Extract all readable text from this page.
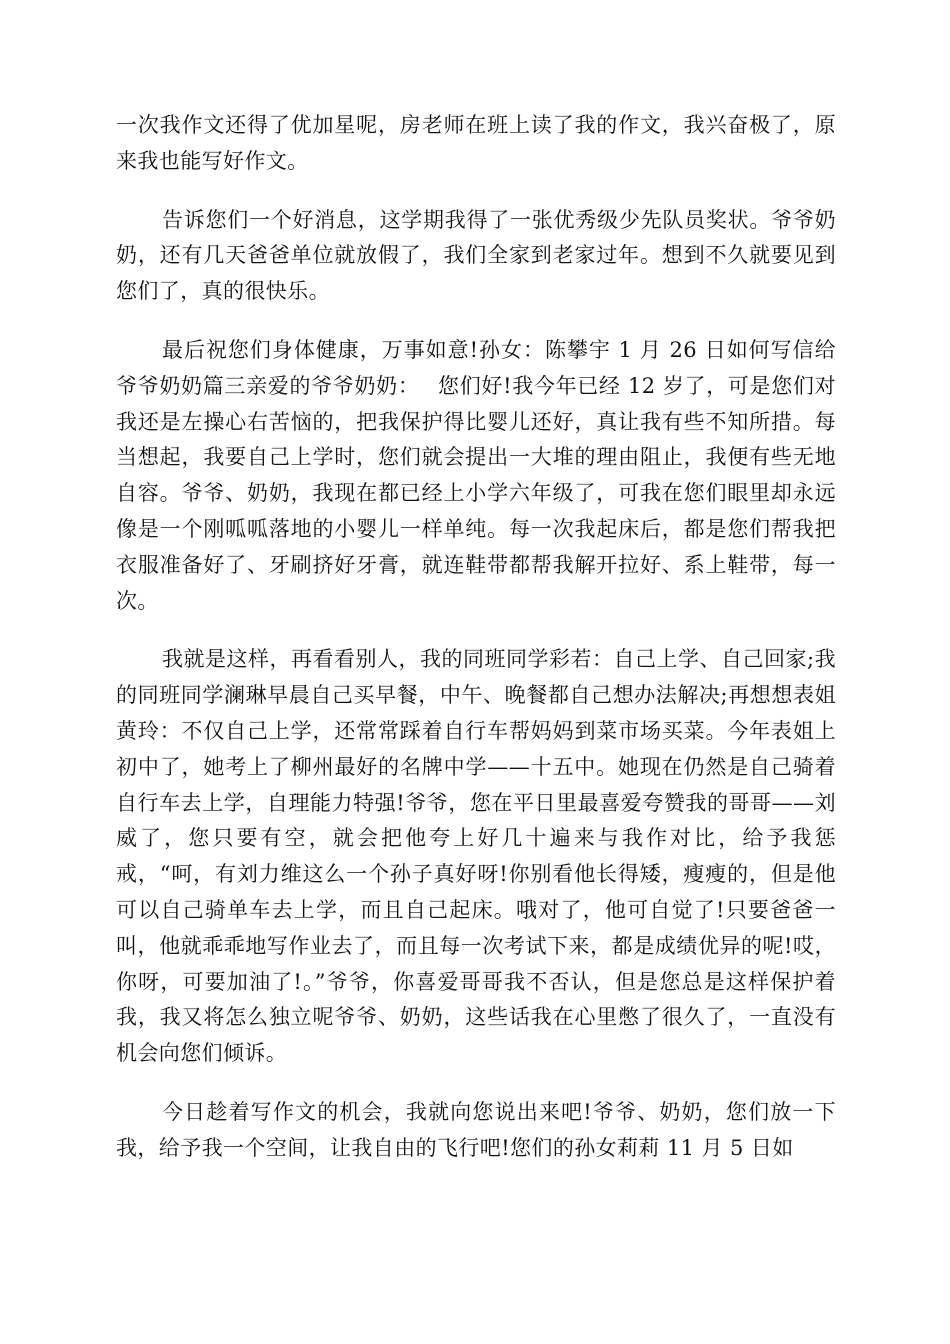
一次我作文还得了优加星呢，房老师在班上读了我的作文，我兴奋极了，原来我也能写好作文。

告诉您们一个好消息，这学期我得了一张优秀级少先队员奖状。爷爷奶奶，还有几天爸爸单位就放假了，我们全家到老家过年。想到不久就要见到您们了，真的很快乐。

最后祝您们身体健康，万事如意!孙女：陈攀宇 1 月 26 日如何写信给爷爷奶奶篇三亲爱的爷爷奶奶：　 您们好!我今年已经 12 岁了，可是您们对我还是左操心右苦恼的，把我保护得比婴儿还好，真让我有些不知所措。每当想起，我要自己上学时，您们就会提出一大堆的理由阻止，我便有些无地自容。爷爷、奶奶，我现在都已经上小学六年级了，可我在您们眼里却永远像是一个刚呱呱落地的小婴儿一样单纯。每一次我起床后，都是您们帮我把衣服准备好了、牙刷挤好牙膏，就连鞋带都帮我解开拉好、系上鞋带，每一次。

我就是这样，再看看别人，我的同班同学彩若：自己上学、自己回家;我的同班同学澜琳早晨自己买早餐，中午、晚餐都自己想办法解决;再想想表姐黄玲：不仅自己上学，还常常踩着自行车帮妈妈到菜市场买菜。今年表姐上初中了，她考上了柳州最好的名牌中学——十五中。她现在仍然是自己骑着自行车去上学，自理能力特强!爷爷，您在平日里最喜爱夸赞我的哥哥——刘威了，您只要有空，就会把他夸上好几十遍来与我作对比，给予我惩戒，“呵，有刘力维这么一个孙子真好呀!你别看他长得矮，瘦瘦的，但是他可以自己骑单车去上学，而且自己起床。哦对了，他可自觉了!只要爸爸一叫，他就乖乖地写作业去了，而且每一次考试下来，都是成绩优异的呢!哎，你呀，可要加油了!。”爷爷，你喜爱哥哥我不否认，但是您总是这样保护着我，我又将怎么独立呢爷爷、奶奶，这些话我在心里憋了很久了，一直没有机会向您们倾诉。

今日趁着写作文的机会，我就向您说出来吧!爷爷、奶奶，您们放一下我，给予我一个空间，让我自由的飞行吧!您们的孙女莉莉 11 月 5 日如
